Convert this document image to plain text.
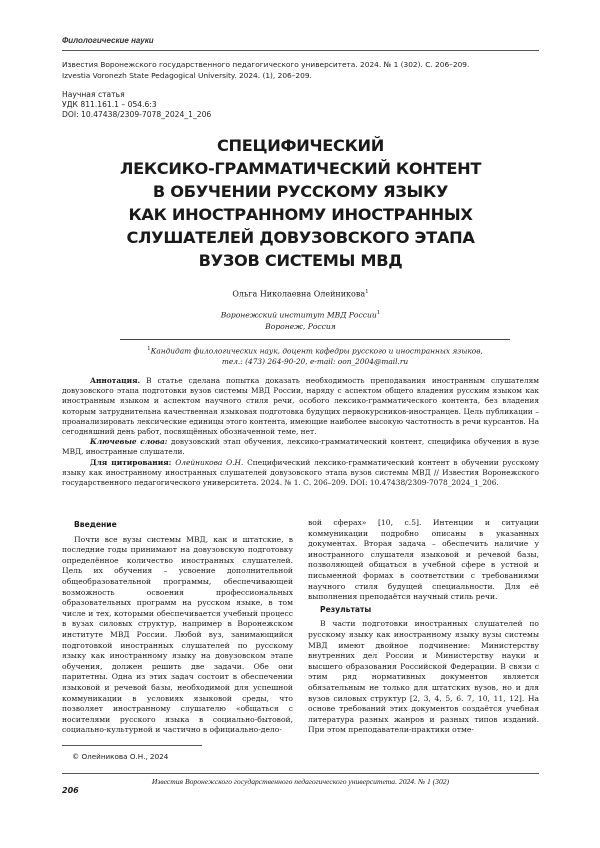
Филологические науки
Известия Воронежского государственного педагогического университета. 2024. № 1 (302). С. 206–209.
Izvestia Voronezh State Pedagogical University. 2024. (1), 206–209.
Научная статья
УДК 811.161.1 – 054.6:3
DOI: 10.47438/2309-7078_2024_1_206
СПЕЦИФИЧЕСКИЙ
ЛЕКСИКО-ГРАММАТИЧЕСКИЙ КОНТЕНТ
В ОБУЧЕНИИ РУССКОМУ ЯЗЫКУ
КАК ИНОСТРАННОМУ ИНОСТРАННЫХ
СЛУШАТЕЛЕЙ ДОВУЗОВСКОГО ЭТАПА
ВУЗОВ СИСТЕМЫ МВД
Ольга Николаевна Олейникова$^1$
Воронежский институт МВД России$^1$
Воронеж, Россия
$^1$Кандидат филологических наук, доцент кафедры русского и иностранных языков,
тел.: (473) 264-90-20, e-mail: oon_2004@mail.ru

Аннотация. В статье сделана попытка доказать необходимость преподавания иностранным слушателям довузовского этапа подготовки вузов системы МВД России, наряду с аспектом общего владения русским языком как иностранным языком и аспектом научного стиля речи, особого лексико-грамматического контента, без владения которым затруднительна качественная языковая подготовка будущих первокурсников-иностранцев. Цель публикации – проанализировать лексические единицы этого контента, имеющие наиболее высокую частотность в речи курсантов. На сегодняшний день работ, посвящённых обозначенной теме, нет.

Ключевые слова: довузовский этап обучения, лексико-грамматический контент, специфика обучения в вузе МВД, иностранные слушатели.

Для цитирования: Олейникова О.Н. Специфический лексико-грамматический контент в обучении русскому языку как иностранному иностранных слушателей довузовского этапа вузов системы МВД // Известия Воронежского государственного педагогического университета. 2024. № 1. С. 206–209. DOI: 10.47438/2309-7078_2024_1_206.

Введение

Почти все вузы системы МВД, как и штатские, в последние годы принимают на довузовскую подготовку определённое количество иностранных слушателей. Цель их обучения – усвоение дополнительной общеобразовательной программы, обеспечивающей возможность освоения профессиональных образовательных программ на русском языке, в том числе и тех, которыми обеспечивается учебный процесс в вузах силовых структур, например в Воронежском институте МВД России. Любой вуз, занимающийся подготовкой иностранных слушателей по русскому языку как иностранному языку на довузовском этапе обучения, должен решить две задачи. Обе они паритетны. Одна из этих задач состоит в обеспечении языковой и речевой базы, необходимой для успешной коммуникации в условиях языковой среды, что позволяет иностранному слушателю «общаться с носителями русского языка в социально-бытовой, социально-культурной и частично в официально-дело-

вой сферах» [10, с.5]. Интенции и ситуации коммуникации подробно описаны в указанных документах. Вторая задача – обеспечить наличие у иностранного слушателя языковой и речевой базы, позволяющей общаться в учебной сфере в устной и письменной формах в соответствии с требованиями научного стиля будущей специальности. Для её выполнения преподаётся научный стиль речи.

Результаты

В части подготовки иностранных слушателей по русскому языку как иностранному языку вузы системы МВД имеют двойное подчинение: Министерству внутренних дел России и Министерству науки и высшего образования Российской Федерации. В связи с этим ряд нормативных документов является обязательным не только для штатских вузов, но и для вузов силовых структур [2, 3, 4, 5, 6. 7, 10, 11, 12]. На основе требований этих документов создаётся учебная литература разных жанров и разных типов изданий. При этом преподаватели-практики отме-

© Олейникова О.Н., 2024
Известия Воронежского государственного педагогического университета. 2024. № 1 (302)
206
